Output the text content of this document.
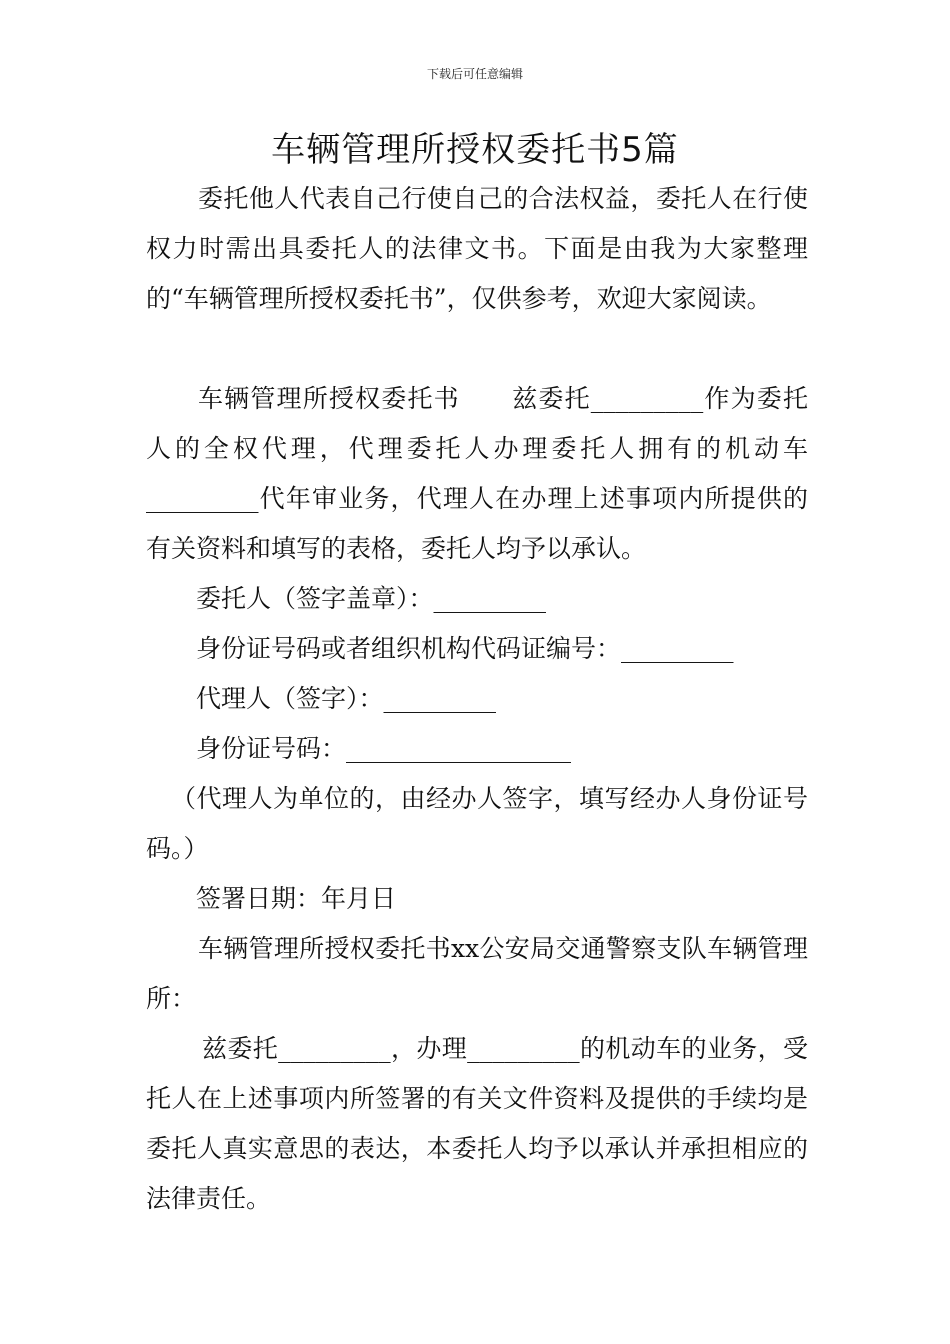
下载后可任意编辑
车辆管理所授权委托书5篇

委托他人代表自己行使自己的合法权益，委托人在行使权力时需出具委托人的法律文书。下面是由我为大家整理的“车辆管理所授权委托书”，仅供参考，欢迎大家阅读。

车辆管理所授权委托书　　兹委托_________作为委托人的全权代理，代理委托人办理委托人拥有的机动车_________代年审业务，代理人在办理上述事项内所提供的有关资料和填写的表格，委托人均予以承认。

委托人（签字盖章）：_________

身份证号码或者组织机构代码证编号：_________

代理人（签字）：_________

身份证号码：__________________

（代理人为单位的，由经办人签字，填写经办人身份证号码。）

签署日期：年月日

车辆管理所授权委托书xx公安局交通警察支队车辆管理所：

兹委托_________，办理_________的机动车的业务，受托人在上述事项内所签署的有关文件资料及提供的手续均是委托人真实意思的表达，本委托人均予以承认并承担相应的法律责任。
